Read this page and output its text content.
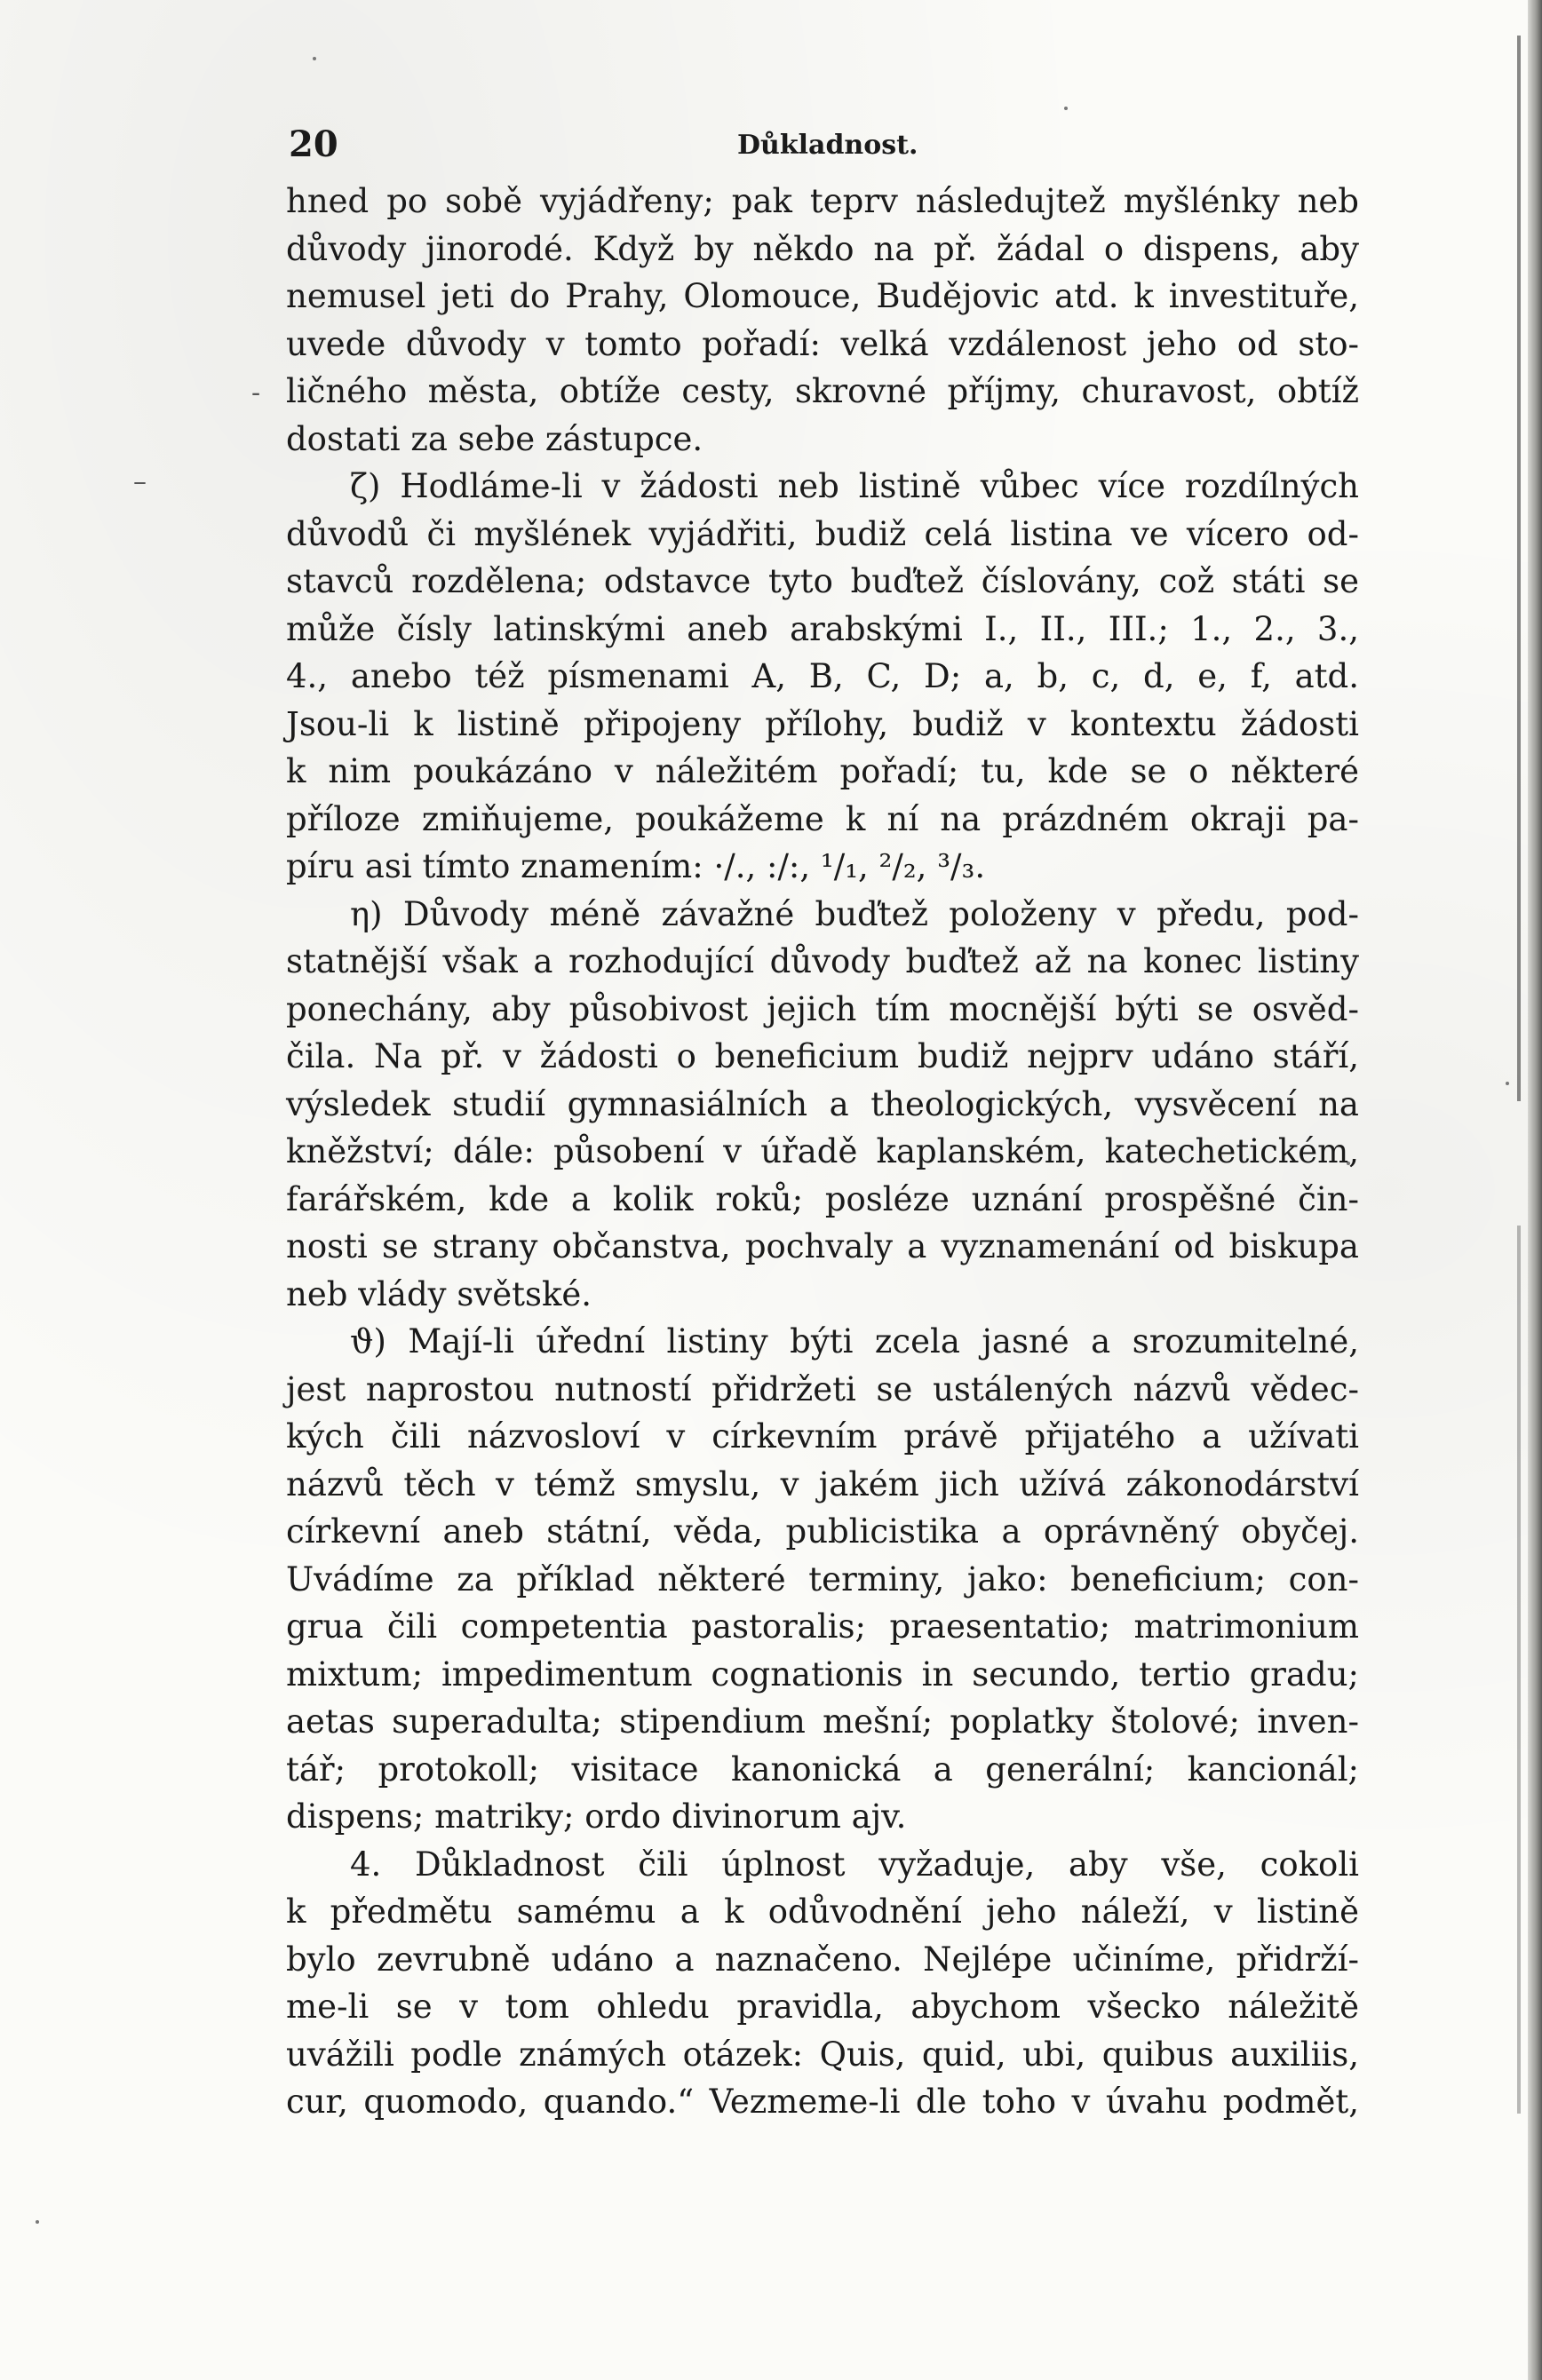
-
–
20	Důkladnost.
hned po sobě vyjádřeny; pak teprv následujtež myšlénky neb
důvody jinorodé. Když by někdo na př. žádal o dispens, aby
nemusel jeti do Prahy, Olomouce, Budějovic atd. k investituře,
uvede důvody v tomto pořadí: velká vzdálenost jeho od sto-
ličného města, obtíže cesty, skrovné příjmy, churavost, obtíž
dostati za sebe zástupce.
ζ) Hodláme-li v žádosti neb listině vůbec více rozdílných
důvodů či myšlének vyjádřiti, budiž celá listina ve vícero od-
stavců rozdělena; odstavce tyto buďtež číslovány, což státi se
může čísly latinskými aneb arabskými I., II., III.; 1., 2., 3.,
4., anebo též písmenami A, B, C, D; a, b, c, d, e, f, atd.
Jsou-li k listině připojeny přílohy, budiž v kontextu žádosti
k nim poukázáno v náležitém pořadí; tu, kde se o některé
příloze zmiňujeme, poukážeme k ní na prázdném okraji pa-
píru asi tímto znamením: ·/., :/:, ¹/₁, ²/₂, ³/₃.
η) Důvody méně závažné buďtež položeny v předu, pod-
statnější však a rozhodující důvody buďtež až na konec listiny
ponechány, aby působivost jejich tím mocnější býti se osvěd-
čila. Na př. v žádosti o beneficium budiž nejprv udáno stáří,
výsledek studií gymnasiálních a theologických, vysvěcení na
kněžství; dále: působení v úřadě kaplanském, katechetickém,
farářském, kde a kolik roků; posléze uznání prospěšné čin-
nosti se strany občanstva, pochvaly a vyznamenání od biskupa
neb vlády světské.
ϑ) Mají-li úřední listiny býti zcela jasné a srozumitelné,
jest naprostou nutností přidržeti se ustálených názvů vědec-
kých čili názvosloví v církevním právě přijatého a užívati
názvů těch v témž smyslu, v jakém jich užívá zákonodárství
církevní aneb státní, věda, publicistika a oprávněný obyčej.
Uvádíme za příklad některé terminy, jako: beneficium; con-
grua čili competentia pastoralis; praesentatio; matrimonium
mixtum; impedimentum cognationis in secundo, tertio gradu;
aetas superadulta; stipendium mešní; poplatky štolové; inven-
tář; protokoll; visitace kanonická a generální; kancionál;
dispens; matriky; ordo divinorum ajv.
4. Důkladnost čili úplnost vyžaduje, aby vše, cokoli
k předmětu samému a k odůvodnění jeho náleží, v listině
bylo zevrubně udáno a naznačeno. Nejlépe učiníme, přidrží-
me-li se v tom ohledu pravidla, abychom všecko náležitě
uvážili podle známých otázek: Quis, quid, ubi, quibus auxiliis,
cur, quomodo, quando.“ Vezmeme-li dle toho v úvahu podmět,
